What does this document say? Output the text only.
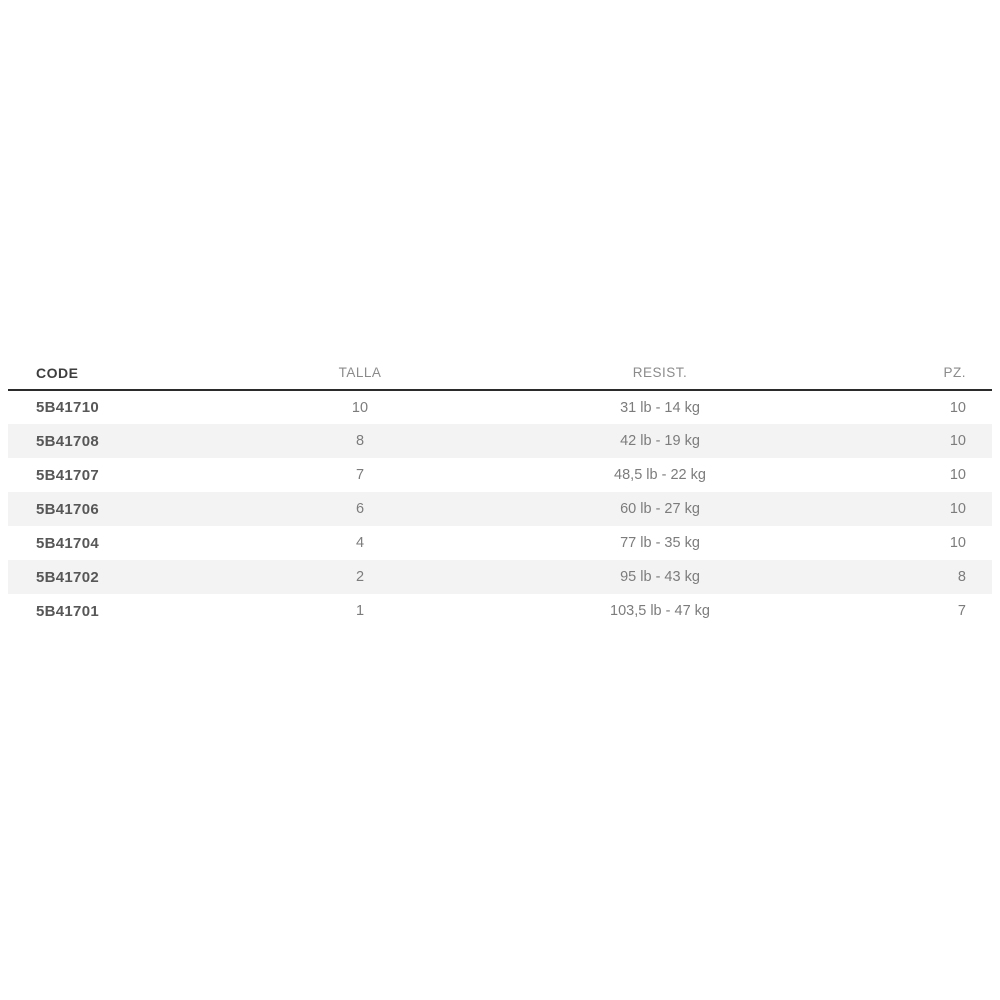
CODE	TALLA	RESIST.	PZ.
5B41710	10	31 lb - 14 kg	10
5B41708	8	42 lb - 19 kg	10
5B41707	7	48,5 lb - 22 kg	10
5B41706	6	60 lb - 27 kg	10
5B41704	4	77 lb - 35 kg	10
5B41702	2	95 lb - 43 kg	8
5B41701	1	103,5 lb - 47 kg	7
